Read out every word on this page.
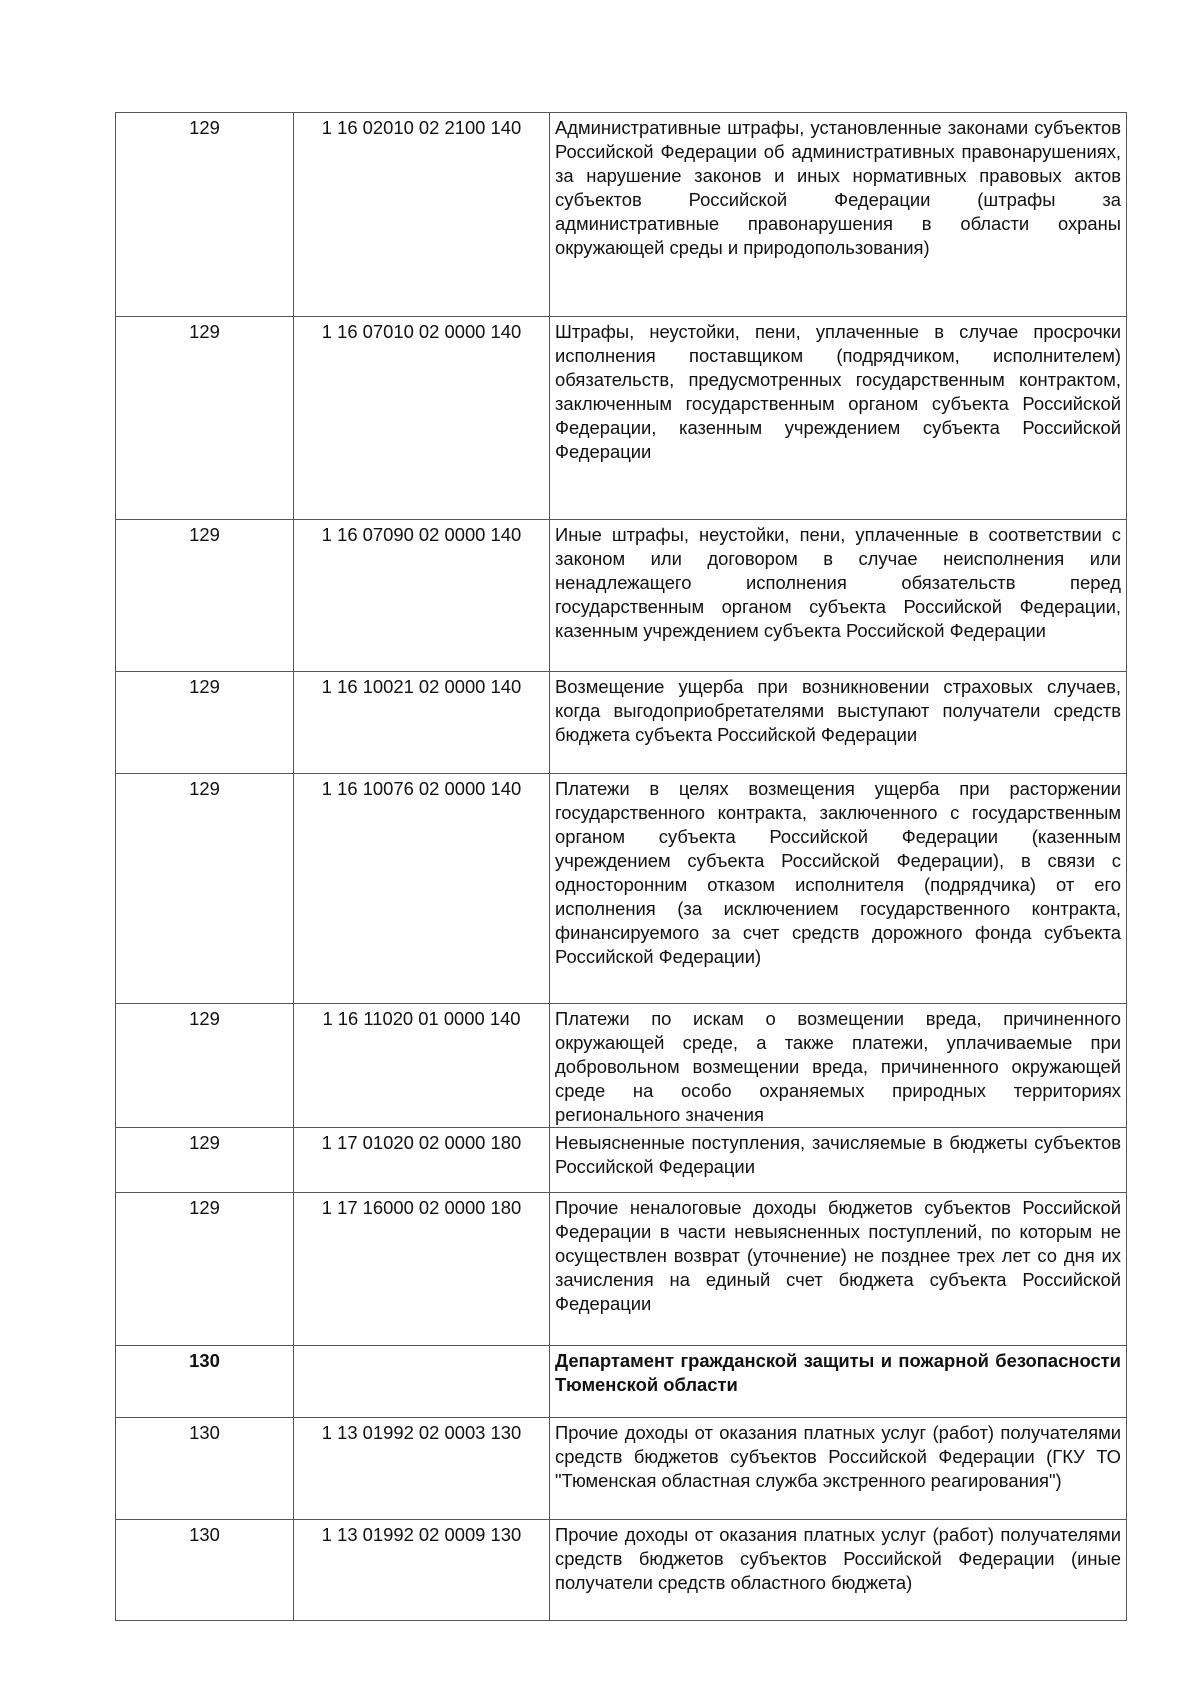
129	1 16 02010 02 2100 140	Административные штрафы, установленные законами субъектов Российской Федерации об административных правонарушениях, за нарушение законов и иных нормативных правовых актов субъектов Российской Федерации (штрафы за административные правонарушения в области охраны окружающей среды и природопользования)
129	1 16 07010 02 0000 140	Штрафы, неустойки, пени, уплаченные в случае просрочки исполнения поставщиком (подрядчиком, исполнителем) обязательств, предусмотренных государственным контрактом, заключенным государственным органом субъекта Российской Федерации, казенным учреждением субъекта Российской Федерации
129	1 16 07090 02 0000 140	Иные штрафы, неустойки, пени, уплаченные в соответствии с законом или договором в случае неисполнения или ненадлежащего исполнения обязательств перед государственным органом субъекта Российской Федерации, казенным учреждением субъекта Российской Федерации
129	1 16 10021 02 0000 140	Возмещение ущерба при возникновении страховых случаев, когда выгодоприобретателями выступают получатели средств бюджета субъекта Российской Федерации
129	1 16 10076 02 0000 140	Платежи в целях возмещения ущерба при расторжении государственного контракта, заключенного с государственным органом субъекта Российской Федерации (казенным учреждением субъекта Российской Федерации), в связи с односторонним отказом исполнителя (подрядчика) от его исполнения (за исключением государственного контракта, финансируемого за счет средств дорожного фонда субъекта Российской Федерации)
129	1 16 11020 01 0000 140	Платежи по искам о возмещении вреда, причиненного окружающей среде, а также платежи, уплачиваемые при добровольном возмещении вреда, причиненного окружающей среде на особо охраняемых природных территориях регионального значения
129	1 17 01020 02 0000 180	Невыясненные поступления, зачисляемые в бюджеты субъектов Российской Федерации
129	1 17 16000 02 0000 180	Прочие неналоговые доходы бюджетов субъектов Российской Федерации в части невыясненных поступлений, по которым не осуществлен возврат (уточнение) не позднее трех лет со дня их зачисления на единый счет бюджета субъекта Российской Федерации
130		Департамент гражданской защиты и пожарной безопасности Тюменской области
130	1 13 01992 02 0003 130	Прочие доходы от оказания платных услуг (работ) получателями средств бюджетов субъектов Российской Федерации (ГКУ ТО "Тюменская областная служба экстренного реагирования")
130	1 13 01992 02 0009 130	Прочие доходы от оказания платных услуг (работ) получателями средств бюджетов субъектов Российской Федерации (иные получатели средств областного бюджета)
